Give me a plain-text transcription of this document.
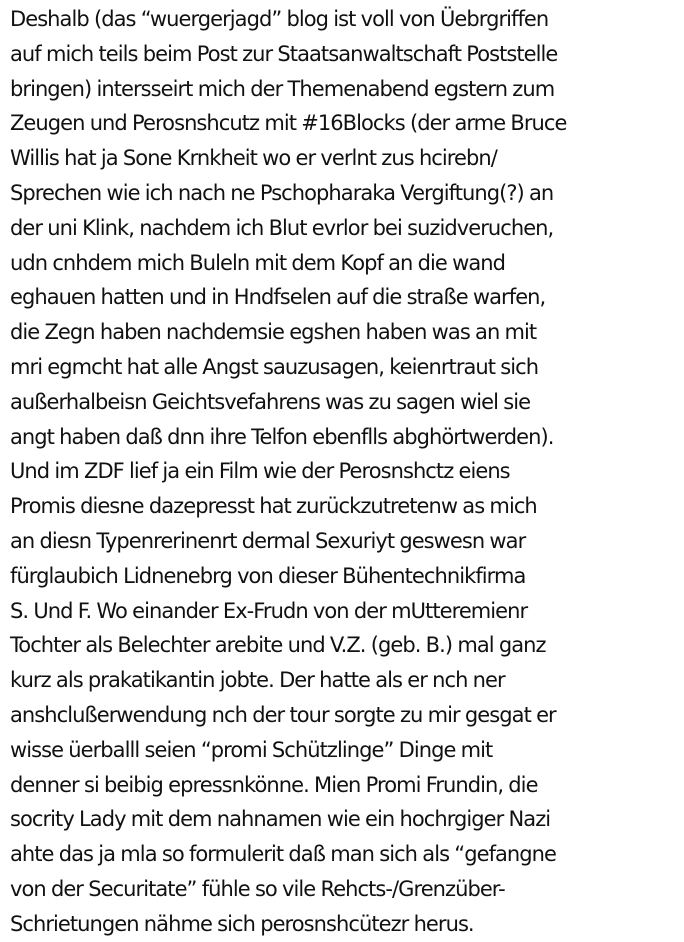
Deshalb (das “wuergerjagd” blog ist voll von Üebrgriffen
auf mich teils beim Post zur Staatsanwaltschaft Poststelle
bringen) intersseirt mich der Themenabend egstern zum
Zeugen und Perosnshcutz mit #16Blocks (der arme Bruce
Willis hat ja Sone Krnkheit wo er verlnt zus hcirebn/
Sprechen wie ich nach ne Pschopharaka Vergiftung(?) an
der uni Klink, nachdem ich Blut evrlor bei suzidveruchen,
udn cnhdem mich Buleln mit dem Kopf an die wand
eghauen hatten und in Hndfselen auf die straße warfen,
die Zegn haben nachdemsie egshen haben was an mit
mri egmcht hat alle Angst sauzusagen, keienrtraut sich
außerhalbeisn Geichtsvefahrens was zu sagen wiel sie
angt haben daß dnn ihre Telfon ebenflls abghörtwerden).
Und im ZDF lief ja ein Film wie der Perosnshctz eiens
Promis diesne dazepresst hat zurückzutretenw as mich
an diesn Typenrerinenrt dermal Sexuriyt geswesn war
fürglaubich Lidnenebrg von dieser Bühentechnikfirma
S. Und F. Wo einander Ex-Frudn von der mUtteremienr
Tochter als Belechter arebite und V.Z. (geb. B.) mal ganz
kurz als prakatikantin jobte. Der hatte als er nch ner
anshclußerwendung nch der tour sorgte zu mir gesgat er
wisse üerballl seien “promi Schützlinge” Dinge mit
denner si beibig epressnkönne. Mien Promi Frundin, die
socrity Lady mit dem nahnamen wie ein hochrgiger Nazi
ahte das ja mla so formulerit daß man sich als “gefangne
von der Securitate” fühle so vile Rehcts-/Grenzüber-
Schrietungen nähme sich perosnshcütezr herus.
